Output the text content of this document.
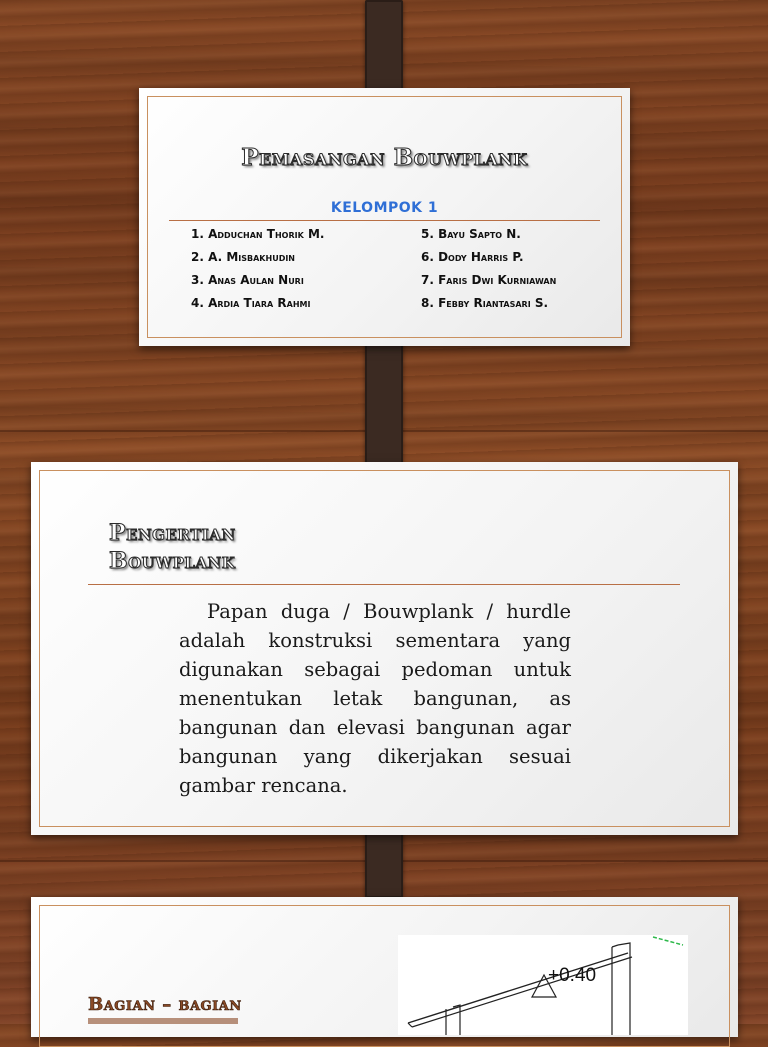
Pemasangan Bouwplank
KELOMPOK 1
1. Adduchan Thorik M.
2. A. Misbakhudin
3. Anas Aulan Nuri
4. Ardia Tiara Rahmi
5. Bayu Sapto N.
6. Dody Harris P.
7. Faris Dwi Kurniawan
8. Febby Riantasari S.
Pengertian
Bouwplank
Papan duga / Bouwplank / hurdle adalah konstruksi sementara yang digunakan sebagai pedoman untuk menentukan letak bangunan, as bangunan dan elevasi bangunan agar bangunan yang dikerjakan sesuai gambar rencana.
Bagian – bagian
+0.40
